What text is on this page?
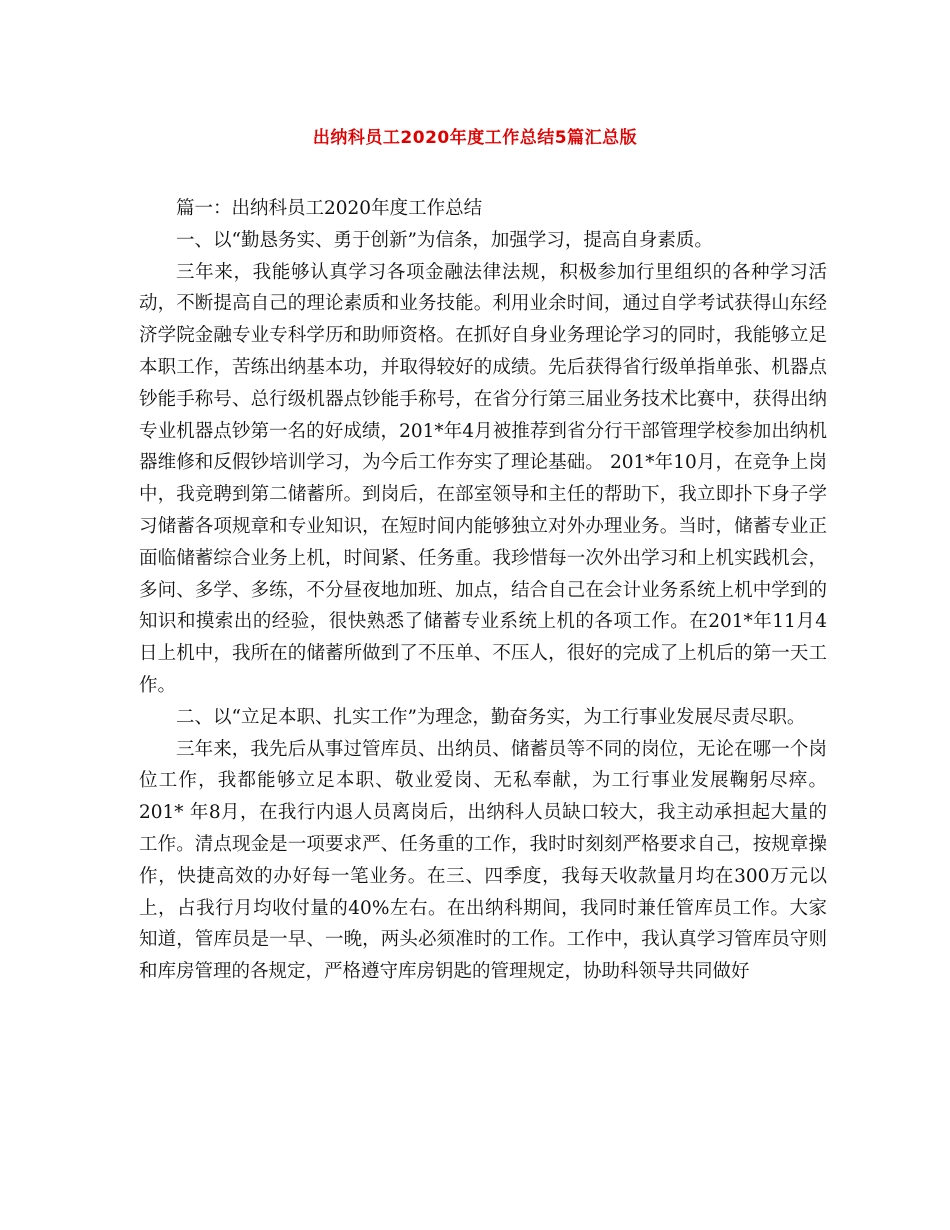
出纳科员工2020年度工作总结5篇汇总版

篇一：出纳科员工2020年度工作总结

一、以“勤恳务实、勇于创新”为信条，加强学习，提高自身素质。

三年来，我能够认真学习各项金融法律法规，积极参加行里组织的各种学习活动，不断提高自己的理论素质和业务技能。利用业余时间，通过自学考试获得山东经济学院金融专业专科学历和助师资格。在抓好自身业务理论学习的同时，我能够立足本职工作，苦练出纳基本功，并取得较好的成绩。先后获得省行级单指单张、机器点钞能手称号、总行级机器点钞能手称号，在省分行第三届业务技术比赛中，获得出纳专业机器点钞第一名的好成绩，201*年4月被推荐到省分行干部管理学校参加出纳机器维修和反假钞培训学习，为今后工作夯实了理论基础。 201*年10月，在竞争上岗中，我竞聘到第二储蓄所。到岗后，在部室领导和主任的帮助下，我立即扑下身子学习储蓄各项规章和专业知识，在短时间内能够独立对外办理业务。当时，储蓄专业正面临储蓄综合业务上机，时间紧、任务重。我珍惜每一次外出学习和上机实践机会，多问、多学、多练，不分昼夜地加班、加点，结合自己在会计业务系统上机中学到的知识和摸索出的经验，很快熟悉了储蓄专业系统上机的各项工作。在201*年11月4日上机中，我所在的储蓄所做到了不压单、不压人，很好的完成了上机后的第一天工作。

二、以“立足本职、扎实工作”为理念，勤奋务实，为工行事业发展尽责尽职。

三年来，我先后从事过管库员、出纳员、储蓄员等不同的岗位，无论在哪一个岗位工作，我都能够立足本职、敬业爱岗、无私奉献，为工行事业发展鞠躬尽瘁。201* 年8月，在我行内退人员离岗后，出纳科人员缺口较大，我主动承担起大量的工作。清点现金是一项要求严、任务重的工作，我时时刻刻严格要求自己，按规章操作，快捷高效的办好每一笔业务。在三、四季度，我每天收款量月均在300万元以上，占我行月均收付量的40%左右。在出纳科期间，我同时兼任管库员工作。大家知道，管库员是一早、一晚，两头必须准时的工作。工作中，我认真学习管库员守则和库房管理的各规定，严格遵守库房钥匙的管理规定，协助科领导共同做好
